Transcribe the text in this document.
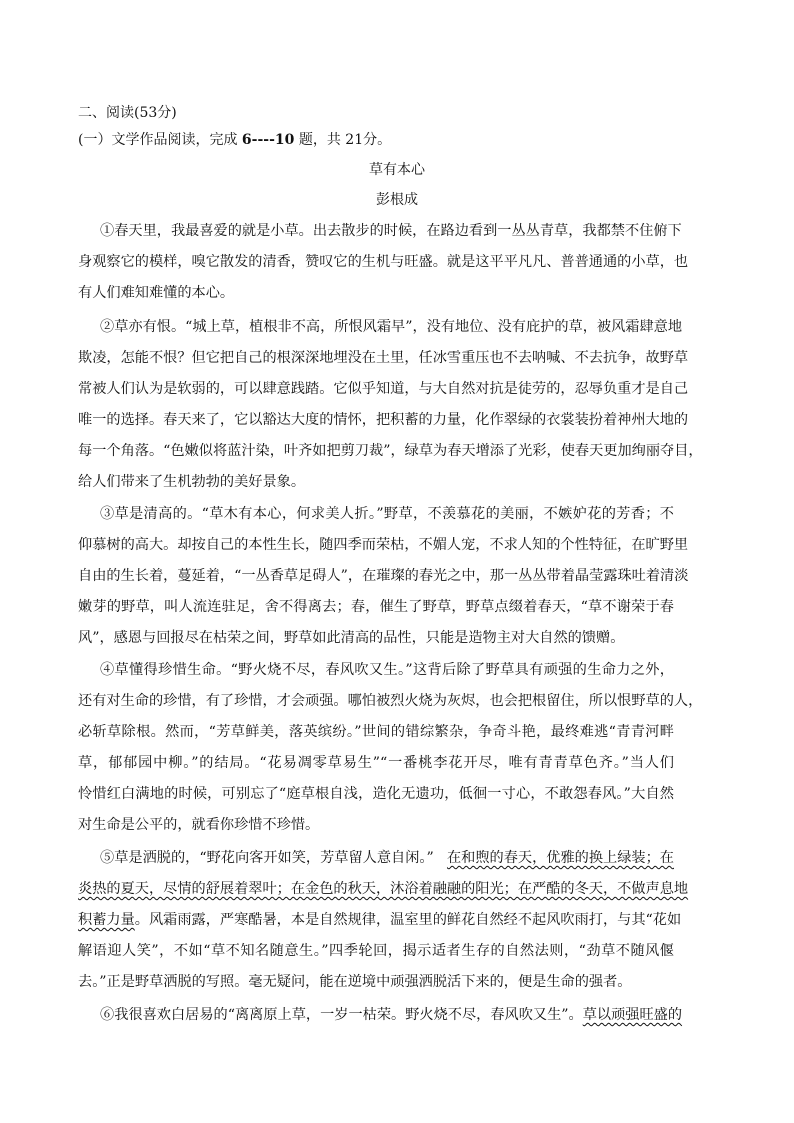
二、阅读(53分)
(一）文学作品阅读，完成 6----10 题，共 21分。
草有本心
彭根成
①春天里，我最喜爱的就是小草。出去散步的时候，在路边看到一丛丛青草，我都禁不住俯下
身观察它的模样，嗅它散发的清香，赞叹它的生机与旺盛。就是这平平凡凡、普普通通的小草，也
有人们难知难懂的本心。
②草亦有恨。“城上草，植根非不高，所恨风霜早”，没有地位、没有庇护的草，被风霜肆意地
欺凌，怎能不恨？但它把自己的根深深地埋没在土里，任冰雪重压也不去呐喊、不去抗争，故野草
常被人们认为是软弱的，可以肆意践踏。它似乎知道，与大自然对抗是徒劳的，忍辱负重才是自己
唯一的选择。春天来了，它以豁达大度的情怀，把积蓄的力量，化作翠绿的衣裳装扮着神州大地的
每一个角落。“色嫩似将蓝汁染，叶齐如把剪刀裁”，绿草为春天增添了光彩，使春天更加绚丽夺目，
给人们带来了生机勃勃的美好景象。
③草是清高的。“草木有本心，何求美人折。”野草，不羡慕花的美丽，不嫉妒花的芳香；不
仰慕树的高大。却按自己的本性生长，随四季而荣枯，不媚人宠，不求人知的个性特征，在旷野里
自由的生长着，蔓延着，“一丛香草足碍人”，在璀璨的春光之中，那一丛丛带着晶莹露珠吐着清淡
嫩芽的野草，叫人流连驻足，舍不得离去；春，催生了野草，野草点缀着春天，“草不谢荣于春
风”，感恩与回报尽在枯荣之间，野草如此清高的品性，只能是造物主对大自然的馈赠。
④草懂得珍惜生命。“野火烧不尽，春风吹又生。”这背后除了野草具有顽强的生命力之外，
还有对生命的珍惜，有了珍惜，才会顽强。哪怕被烈火烧为灰烬，也会把根留住，所以恨野草的人，
必斩草除根。然而，“芳草鲜美，落英缤纷。”世间的错综繁杂，争奇斗艳，最终难逃“青青河畔
草，郁郁园中柳。”的结局。“花易凋零草易生”“一番桃李花开尽，唯有青青草色齐。”当人们
怜惜红白满地的时候，可别忘了“庭草根自浅，造化无遗功，低徊一寸心，不敢怨春风。”大自然
对生命是公平的，就看你珍惜不珍惜。
⑤草是洒脱的，“野花向客开如笑，芳草留人意自闲。” 在和煦的春天，优雅的换上绿装；在
炎热的夏天，尽情的舒展着翠叶；在金色的秋天，沐浴着融融的阳光；在严酷的冬天，不做声息地
积蓄力量 。风霜雨露，严寒酷暑，本是自然规律，温室里的鲜花自然经不起风吹雨打，与其“花如
解语迎人笑”，不如“草不知名随意生。”四季轮回，揭示适者生存的自然法则，“劲草不随风偃
去。”正是野草洒脱的写照。毫无疑问，能在逆境中顽强洒脱活下来的，便是生命的强者。
⑥我很喜欢白居易的“离离原上草，一岁一枯荣。野火烧不尽，春风吹又生”。 草以顽强旺盛的
